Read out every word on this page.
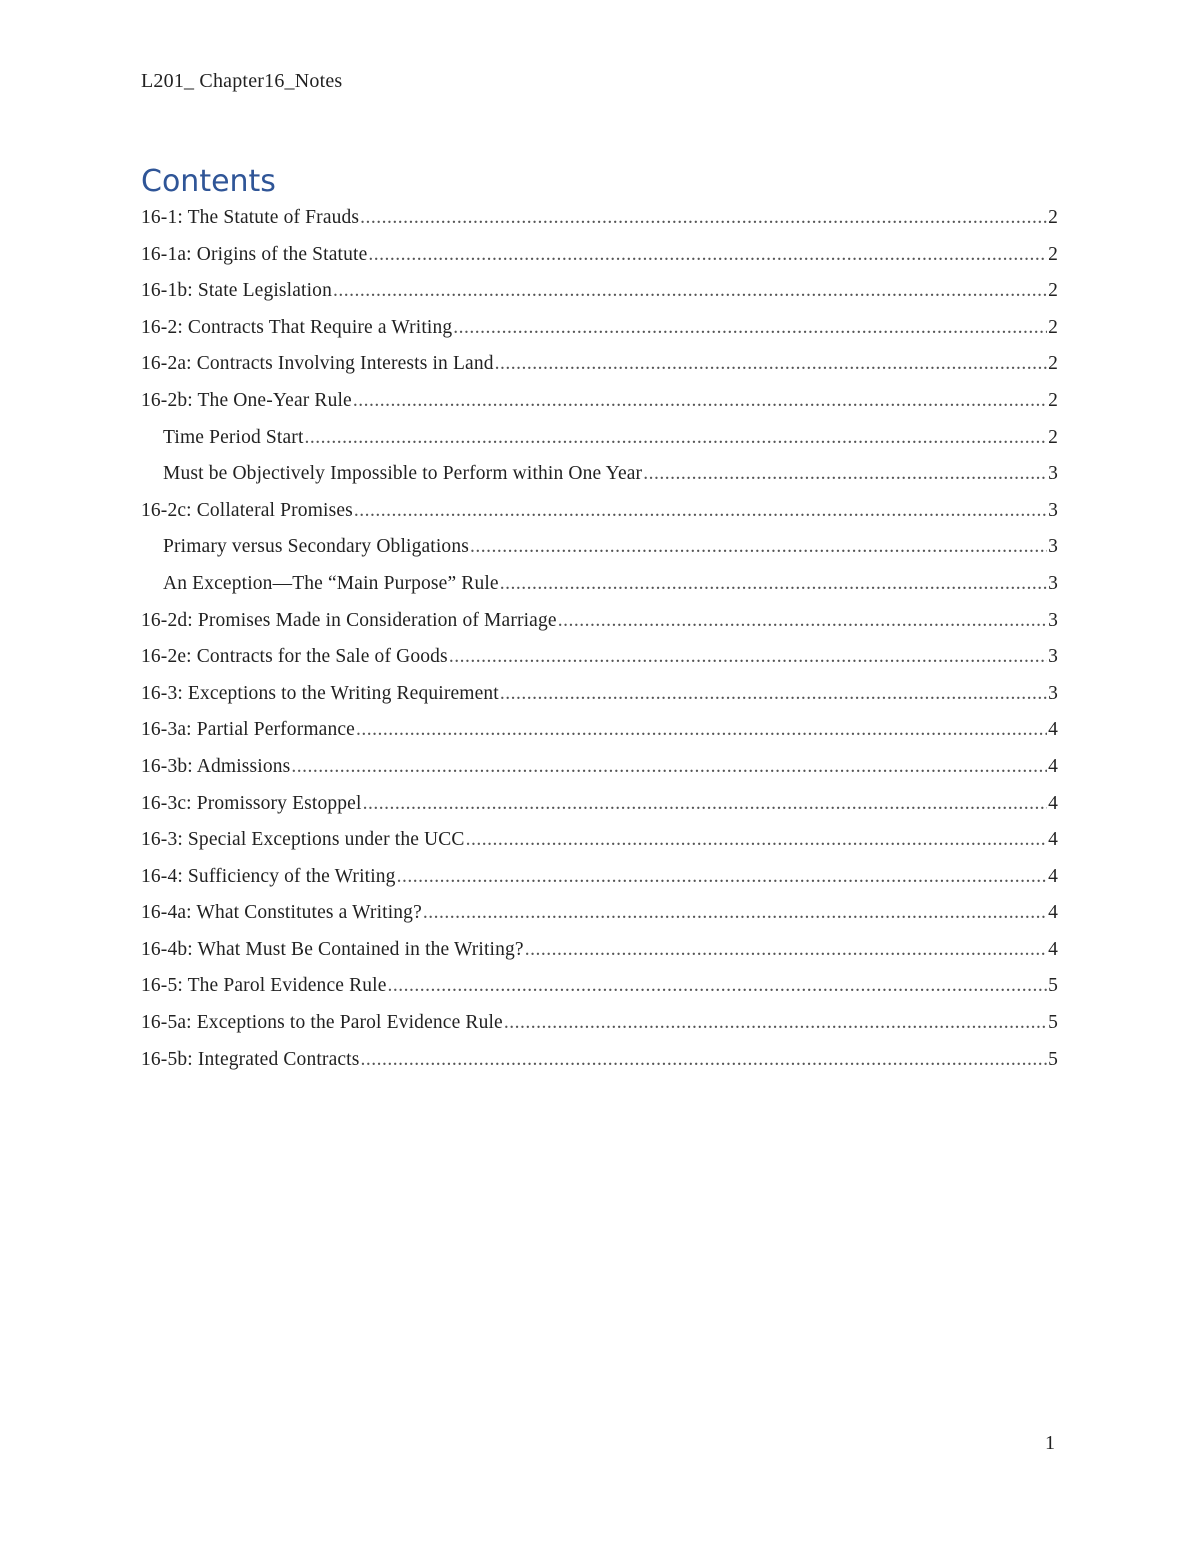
L201_ Chapter16_Notes
Contents
16-1: The Statute of Frauds .....	2
16-1a: Origins of the Statute .....	2
16-1b: State Legislation .....	2
16-2: Contracts That Require a Writing .....	2
16-2a: Contracts Involving Interests in Land .....	2
16-2b: The One-Year Rule .....	2
Time Period Start .....	2
Must be Objectively Impossible to Perform within One Year .....	3
16-2c: Collateral Promises .....	3
Primary versus Secondary Obligations .....	3
An Exception—The “Main Purpose” Rule .....	3
16-2d: Promises Made in Consideration of Marriage .....	3
16-2e: Contracts for the Sale of Goods .....	3
16-3: Exceptions to the Writing Requirement .....	3
16-3a: Partial Performance .....	4
16-3b: Admissions .....	4
16-3c: Promissory Estoppel .....	4
16-3: Special Exceptions under the UCC .....	4
16-4: Sufficiency of the Writing .....	4
16-4a: What Constitutes a Writing? .....	4
16-4b: What Must Be Contained in the Writing? .....	4
16-5: The Parol Evidence Rule .....	5
16-5a: Exceptions to the Parol Evidence Rule .....	5
16-5b: Integrated Contracts .....	5
1
